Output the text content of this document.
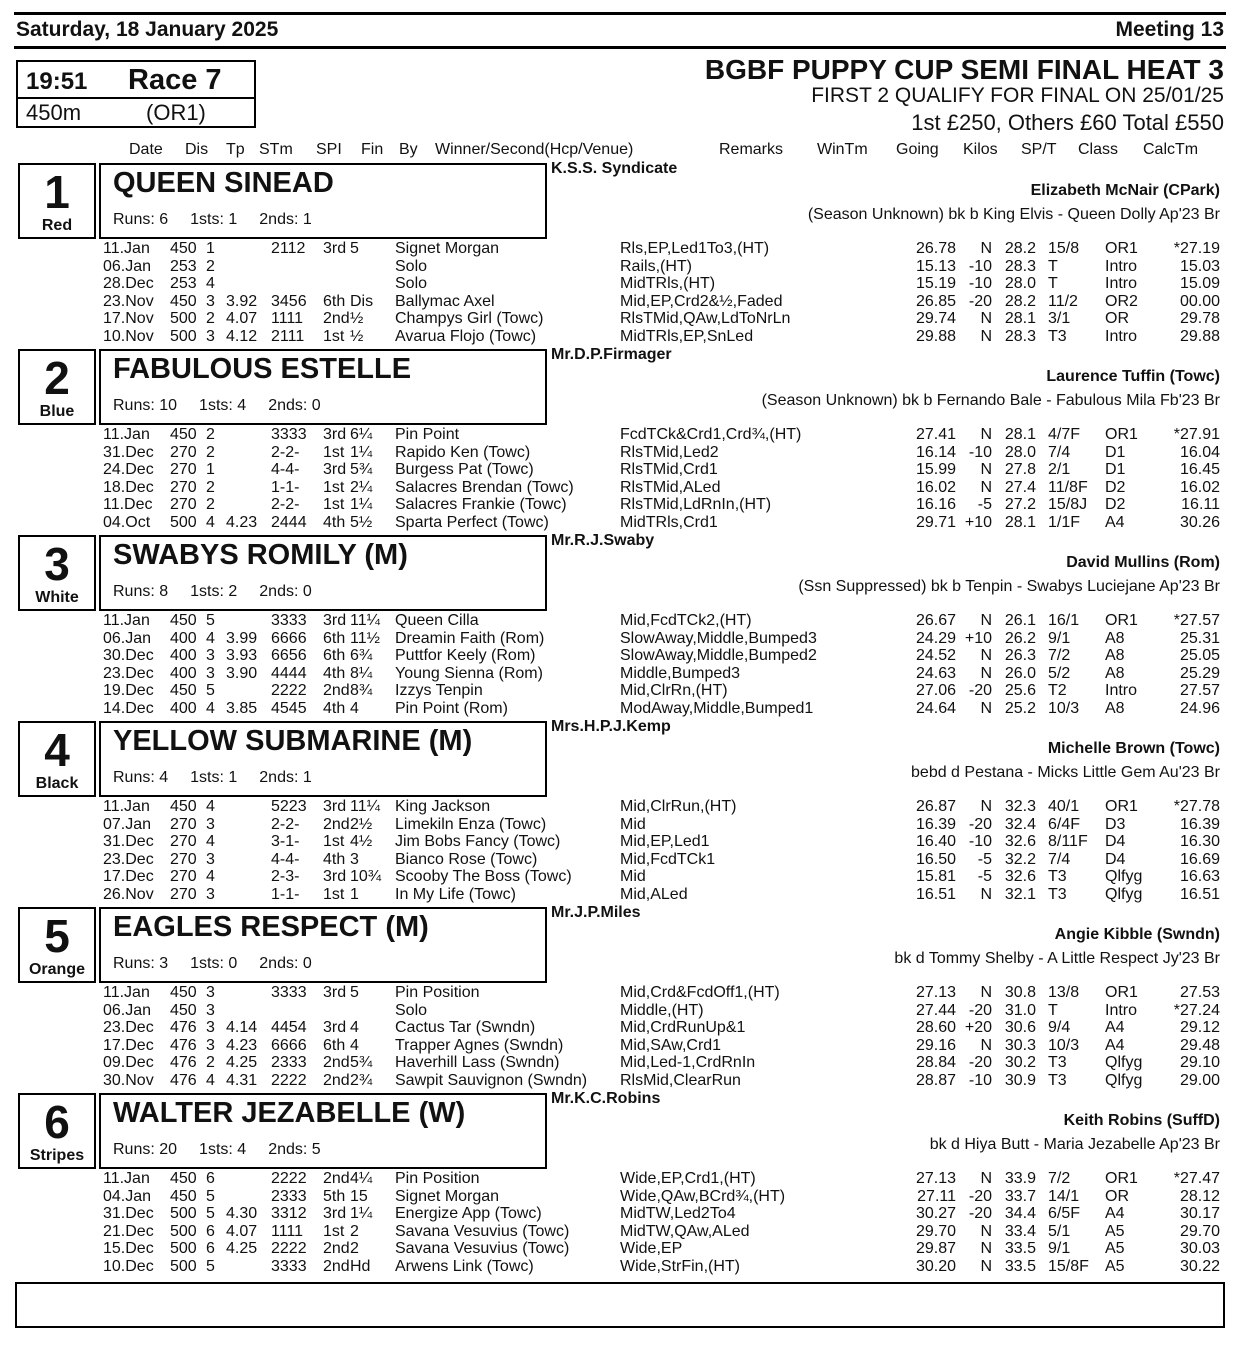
Saturday, 18 January 2025	Meeting 13
19:51 Race 7
450m	(OR1)
BGBF PUPPY CUP SEMI FINAL HEAT 3
FIRST 2 QUALIFY FOR FINAL ON 25/01/25
1st £250, Others £60 Total £550
Date Dis Tp STm SPI Fin By Winner/Second(Hcp/Venue)	Remarks WinTm Going Kilos SP/T Class CalcTm
1
Red
QUEEN SINEAD
Runs: 6 1sts: 1 2nds: 1
K.S.S. Syndicate
Elizabeth McNair (CPark)
(Season Unknown) bk b King Elvis - Queen Dolly Ap'23 Br
11.Jan 450 1	2112 3rd 5 Signet Morgan	Rls,EP,Led1To3,(HT)	26.78	N 28.2 15/8 OR1	*27.19
06.Jan 253 2	Solo	Rails,(HT)	15.13 -10 28.3 T	Intro	15.03
28.Dec 253 4	Solo	MidTRls,(HT)	15.19 -10 28.0 T	Intro	15.09
23.Nov 450 3 3.92 3456 6th Dis Ballymac Axel	Mid,EP,Crd2&½,Faded	26.85 -20 28.2 11/2 OR2	00.00
17.Nov 500 2 4.07 1111 2nd ½ Champys Girl (Towc)	RlsTMid,QAw,LdToNrLn	29.74	N 28.1 3/1 OR	29.78
10.Nov 500 3 4.12 2111 1st ½ Avarua Flojo (Towc)	MidTRls,EP,SnLed	29.88	N 28.3 T3 Intro	29.88
2
Blue
FABULOUS ESTELLE
Runs: 10 1sts: 4 2nds: 0
Mr.D.P.Firmager
Laurence Tuffin (Towc)
(Season Unknown) bk b Fernando Bale - Fabulous Mila Fb'23 Br
11.Jan 450 2	3333 3rd 6¼ Pin Point	FcdTCk&Crd1,Crd¾,(HT)	27.41	N 28.1 4/7F OR1	*27.91
31.Dec 270 2	2-2- 1st 1¼ Rapido Ken (Towc)	RlsTMid,Led2	16.14 -10 28.0 7/4 D1	16.04
24.Dec 270 1	4-4- 3rd 5¾ Burgess Pat (Towc)	RlsTMid,Crd1	15.99	N 27.8 2/1 D1	16.45
18.Dec 270 2	1-1- 1st 2¼ Salacres Brendan (Towc)	RlsTMid,ALed	16.02	N 27.4 11/8F D2	16.02
11.Dec 270 2	2-2- 1st 1¼ Salacres Frankie (Towc)	RlsTMid,LdRnIn,(HT)	16.16	-5 27.2 15/8J D2	16.11
04.Oct 500 4 4.23 2444 4th 5½ Sparta Perfect (Towc)	MidTRls,Crd1	29.71 +10 28.1 1/1F A4	30.26
3
White
SWABYS ROMILY (M)
Runs: 8 1sts: 2 2nds: 0
Mr.R.J.Swaby
David Mullins (Rom)
(Ssn Suppressed) bk b Tenpin - Swabys Luciejane Ap'23 Br
11.Jan 450 5	3333 3rd 11¼ Queen Cilla	Mid,FcdTCk2,(HT)	26.67	N 26.1 16/1 OR1	*27.57
06.Jan 400 4 3.99 6666 6th 11½ Dreamin Faith (Rom)	SlowAway,Middle,Bumped3	24.29 +10 26.2 9/1 A8	25.31
30.Dec 400 3 3.93 6656 6th 6¾ Puttfor Keely (Rom)	SlowAway,Middle,Bumped2	24.52	N 26.3 7/2 A8	25.05
23.Dec 400 3 3.90 4444 4th 8¼ Young Sienna (Rom)	Middle,Bumped3	24.63	N 26.0 5/2 A8	25.29
19.Dec 450 5	2222 2nd 8¾ Izzys Tenpin	Mid,ClrRn,(HT)	27.06 -20 25.6 T2 Intro	27.57
14.Dec 400 4 3.85 4545 4th 4 Pin Point (Rom)	ModAway,Middle,Bumped1	24.64	N 25.2 10/3 A8	24.96
4
Black
YELLOW SUBMARINE (M)
Runs: 4 1sts: 1 2nds: 1
Mrs.H.P.J.Kemp
Michelle Brown (Towc)
bebd d Pestana - Micks Little Gem Au'23 Br
11.Jan 450 4	5223 3rd 11¼ King Jackson	Mid,ClrRun,(HT)	26.87	N 32.3 40/1 OR1	*27.78
07.Jan 270 3	2-2- 2nd 2½ Limekiln Enza (Towc)	Mid	16.39 -20 32.4 6/4F D3	16.39
31.Dec 270 4	3-1- 1st 4½ Jim Bobs Fancy (Towc)	Mid,EP,Led1	16.40 -10 32.6 8/11F D4	16.30
23.Dec 270 3	4-4- 4th 3 Bianco Rose (Towc)	Mid,FcdTCk1	16.50	-5 32.2 7/4 D4	16.69
17.Dec 270 4	2-3- 3rd 10¾ Scooby The Boss (Towc)	Mid	15.81	-5 32.6 T3 Qlfyg	16.63
26.Nov 270 3	1-1- 1st 1 In My Life (Towc)	Mid,ALed	16.51	N 32.1 T3 Qlfyg	16.51
5
Orange
EAGLES RESPECT (M)
Runs: 3 1sts: 0 2nds: 0
Mr.J.P.Miles
Angie Kibble (Swndn)
bk d Tommy Shelby - A Little Respect Jy'23 Br
11.Jan 450 3	3333 3rd 5 Pin Position	Mid,Crd&FcdOff1,(HT)	27.13	N 30.8 13/8 OR1	27.53
06.Jan 450 3	Solo	Middle,(HT)	27.44 -20 31.0 T	Intro	*27.24
23.Dec 476 3 4.14 4454 3rd 4 Cactus Tar (Swndn)	Mid,CrdRunUp&1	28.60 +20 30.6 9/4 A4	29.12
17.Dec 476 3 4.23 6666 6th 4 Trapper Agnes (Swndn)	Mid,SAw,Crd1	29.16	N 30.3 10/3 A4	29.48
09.Dec 476 2 4.25 2333 2nd 5¾ Haverhill Lass (Swndn)	Mid,Led-1,CrdRnIn	28.84 -20 30.2 T3 Qlfyg	29.10
30.Nov 476 4 4.31 2222 2nd 2¾ Sawpit Sauvignon (Swndn) RlsMid,ClearRun	28.87 -10 30.9 T3 Qlfyg	29.00
6
Stripes
WALTER JEZABELLE (W)
Runs: 20 1sts: 4 2nds: 5
Mr.K.C.Robins
Keith Robins (SuffD)
bk d Hiya Butt - Maria Jezabelle Ap'23 Br
11.Jan 450 6	2222 2nd 4¼ Pin Position	Wide,EP,Crd1,(HT)	27.13	N 33.9 7/2 OR1	*27.47
04.Jan 450 5	2333 5th 15 Signet Morgan	Wide,QAw,BCrd¾,(HT)	27.11 -20 33.7 14/1 OR	28.12
31.Dec 500 5 4.30 3312 3rd 1¼ Energize App (Towc)	MidTW,Led2To4	30.27 -20 34.4 6/5F A4	30.17
21.Dec 500 6 4.07 1111 1st 2 Savana Vesuvius (Towc)	MidTW,QAw,ALed	29.70	N 33.4 5/1 A5	29.70
15.Dec 500 6 4.25 2222 2nd 2 Savana Vesuvius (Towc)	Wide,EP	29.87	N 33.5 9/1 A5	30.03
10.Dec 500 5	3333 2nd Hd Arwens Link (Towc)	Wide,StrFin,(HT)	30.20	N 33.5 15/8F A5	30.22
